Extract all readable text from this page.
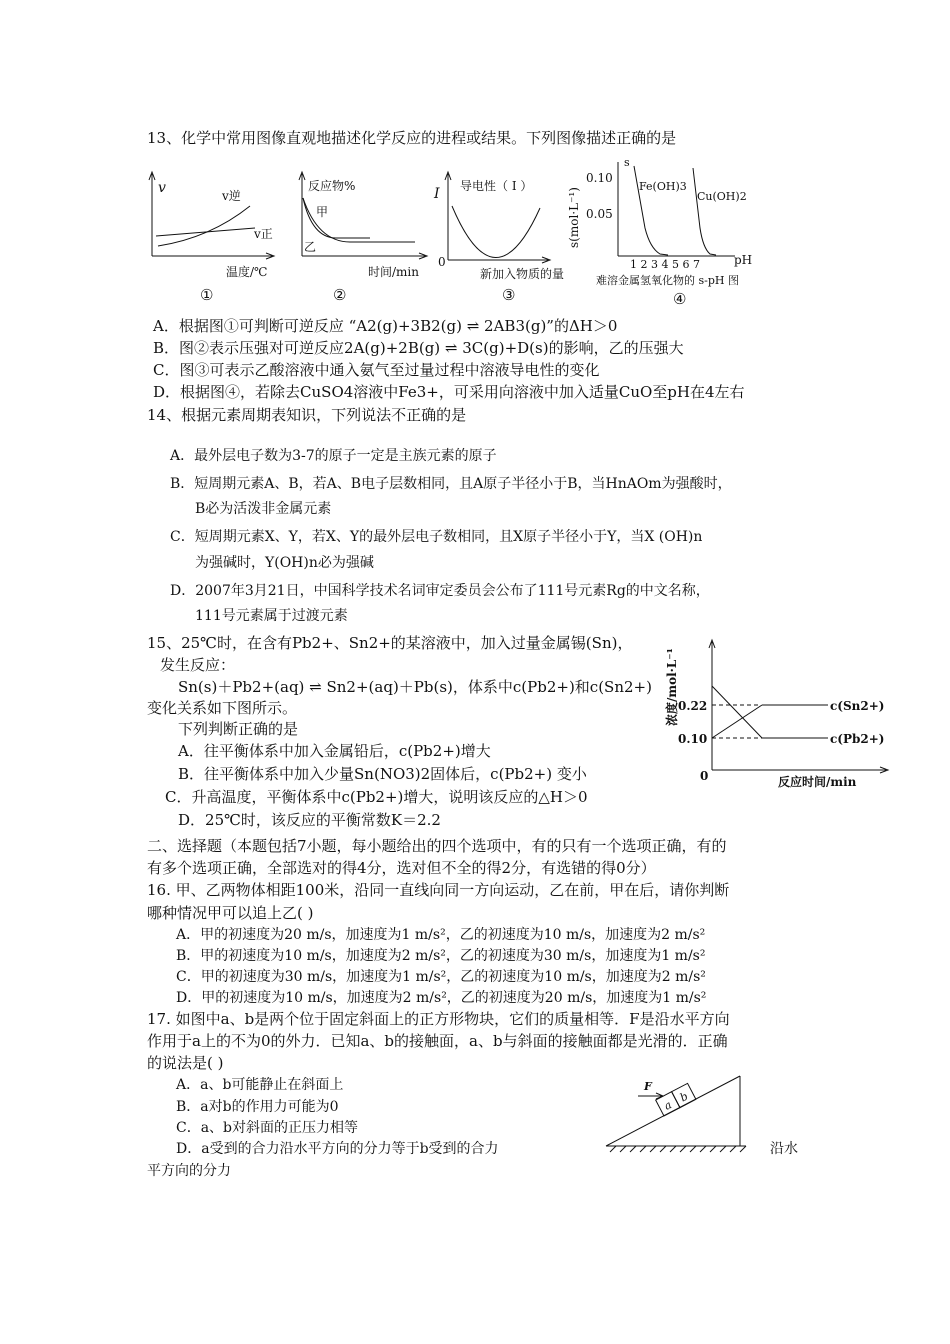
13、化学中常用图像直观地描述化学反应的进程或结果。下列图像描述正确的是
v	v逆
v正
温度/℃
①
反应物%
甲
乙
时间/min
②
I 导电性（ I ）
0
新加入物质的量
③
s
0.10
0.05
s(mol·L⁻¹)
Fe(OH)3
Cu(OH)2
1 2 3 4 5 6 7	pH
难溶金属氢氧化物的 s-pH 图
④
A．根据图①可判断可逆反应 “A2(g)+3B2(g) ⇌ 2AB3(g)”的ΔH＞0
B．图②表示压强对可逆反应2A(g)+2B(g) ⇌ 3C(g)+D(s)的影响，乙的压强大
C．图③可表示乙酸溶液中通入氨气至过量过程中溶液导电性的变化
D．根据图④，若除去CuSO4溶液中Fe3+，可采用向溶液中加入适量CuO至pH在4左右
14、根据元素周期表知识，下列说法不正确的是
A．最外层电子数为3-7的原子一定是主族元素的原子
B．短周期元素A、B，若A、B电子层数相同，且A原子半径小于B，当HnAOm为强酸时，
B必为活泼非金属元素
C．短周期元素X、Y，若X、Y的最外层电子数相同，且X原子半径小于Y，当X (OH)n
为强碱时，Y(OH)n必为强碱
D．2007年3月21日，中国科学技术名词审定委员会公布了111号元素Rg的中文名称，
111号元素属于过渡元素
15、25℃时，在含有Pb2+、Sn2+的某溶液中，加入过量金属锡(Sn)，
发生反应：
Sn(s)＋Pb2+(aq) ⇌ Sn2+(aq)＋Pb(s)，体系中c(Pb2+)和c(Sn2+)
变化关系如下图所示。
下列判断正确的是
A．往平衡体系中加入金属铅后，c(Pb2+)增大
B．往平衡体系中加入少量Sn(NO3)2固体后，c(Pb2+) 变小
C．升高温度，平衡体系中c(Pb2+)增大，说明该反应的△H＞0
D．25℃时，该反应的平衡常数K＝2.2
0.22
0.10
0
浓度/mol·L⁻¹
反应时间/min
c(Sn2+)
c(Pb2+)
二、选择题（本题包括7小题，每小题给出的四个选项中，有的只有一个选项正确，有的
有多个选项正确，全部选对的得4分，选对但不全的得2分，有选错的得0分）
16. 甲、乙两物体相距100米，沿同一直线向同一方向运动，乙在前，甲在后，请你判断
哪种情况甲可以追上乙( )
A．甲的初速度为20 m/s，加速度为1 m/s²，乙的初速度为10 m/s，加速度为2 m/s²
B．甲的初速度为10 m/s，加速度为2 m/s²，乙的初速度为30 m/s，加速度为1 m/s²
C．甲的初速度为30 m/s，加速度为1 m/s²，乙的初速度为10 m/s，加速度为2 m/s²
D．甲的初速度为10 m/s，加速度为2 m/s²，乙的初速度为20 m/s，加速度为1 m/s²
17. 如图中a、b是两个位于固定斜面上的正方形物块，它们的质量相等．F是沿水平方向
作用于a上的不为0的外力．已知a、b的接触面，a、b与斜面的接触面都是光滑的．正确
的说法是( )
A．a、b可能静止在斜面上
B．a对b的作用力可能为0
C．a、b对斜面的正压力相等
D．a受到的合力沿水平方向的分力等于b受到的合力	沿水
平方向的分力
a
b
F
